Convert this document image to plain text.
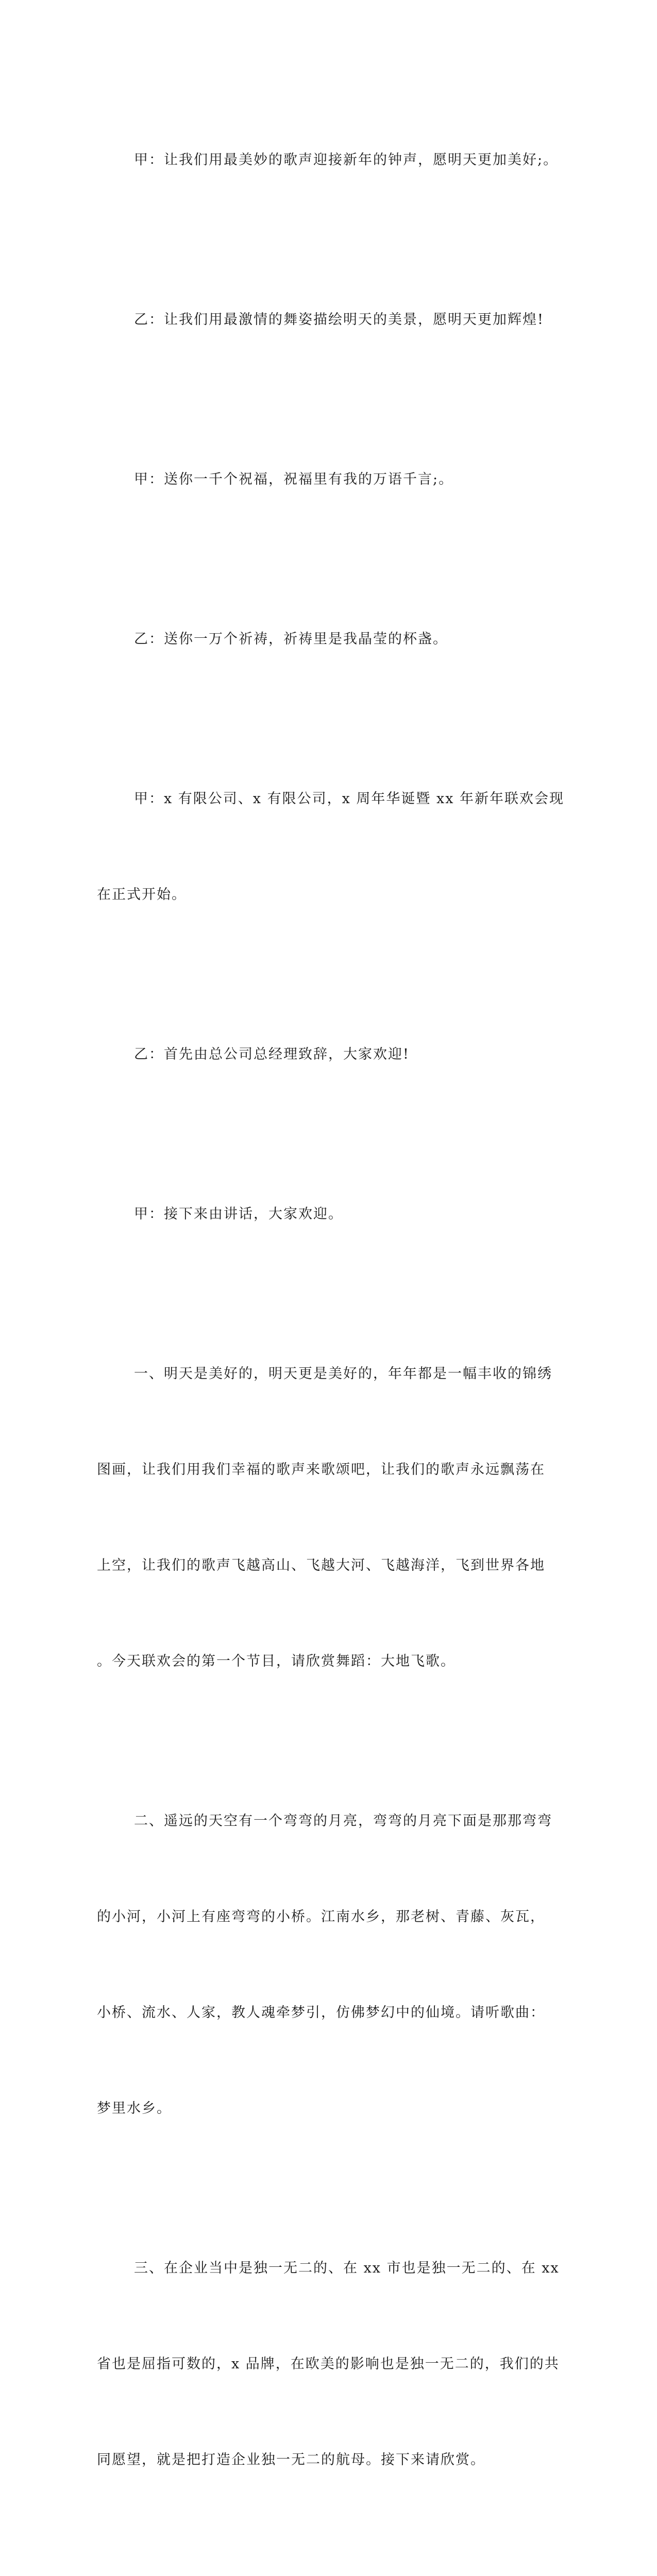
甲：让我们用最美妙的歌声迎接新年的钟声，愿明天更加美好;。

乙：让我们用最激情的舞姿描绘明天的美景，愿明天更加辉煌!

甲：送你一千个祝福，祝福里有我的万语千言;。

乙：送你一万个祈祷，祈祷里是我晶莹的杯盏。

甲：x 有限公司、x 有限公司，x 周年华诞暨 xx 年新年联欢会现

在正式开始。

乙：首先由总公司总经理致辞，大家欢迎!

甲：接下来由讲话，大家欢迎。

一、明天是美好的，明天更是美好的，年年都是一幅丰收的锦绣

图画，让我们用我们幸福的歌声来歌颂吧，让我们的歌声永远飘荡在

上空，让我们的歌声飞越高山、飞越大河、飞越海洋，飞到世界各地

。今天联欢会的第一个节目，请欣赏舞蹈：大地飞歌。

二、遥远的天空有一个弯弯的月亮，弯弯的月亮下面是那那弯弯

的小河，小河上有座弯弯的小桥。江南水乡，那老树、青藤、灰瓦，

小桥、流水、人家，教人魂牵梦引，仿佛梦幻中的仙境。请听歌曲：

梦里水乡。

三、在企业当中是独一无二的、在 xx 市也是独一无二的、在 xx

省也是屈指可数的，x 品牌，在欧美的影响也是独一无二的，我们的共

同愿望，就是把打造企业独一无二的航母。接下来请欣赏。
